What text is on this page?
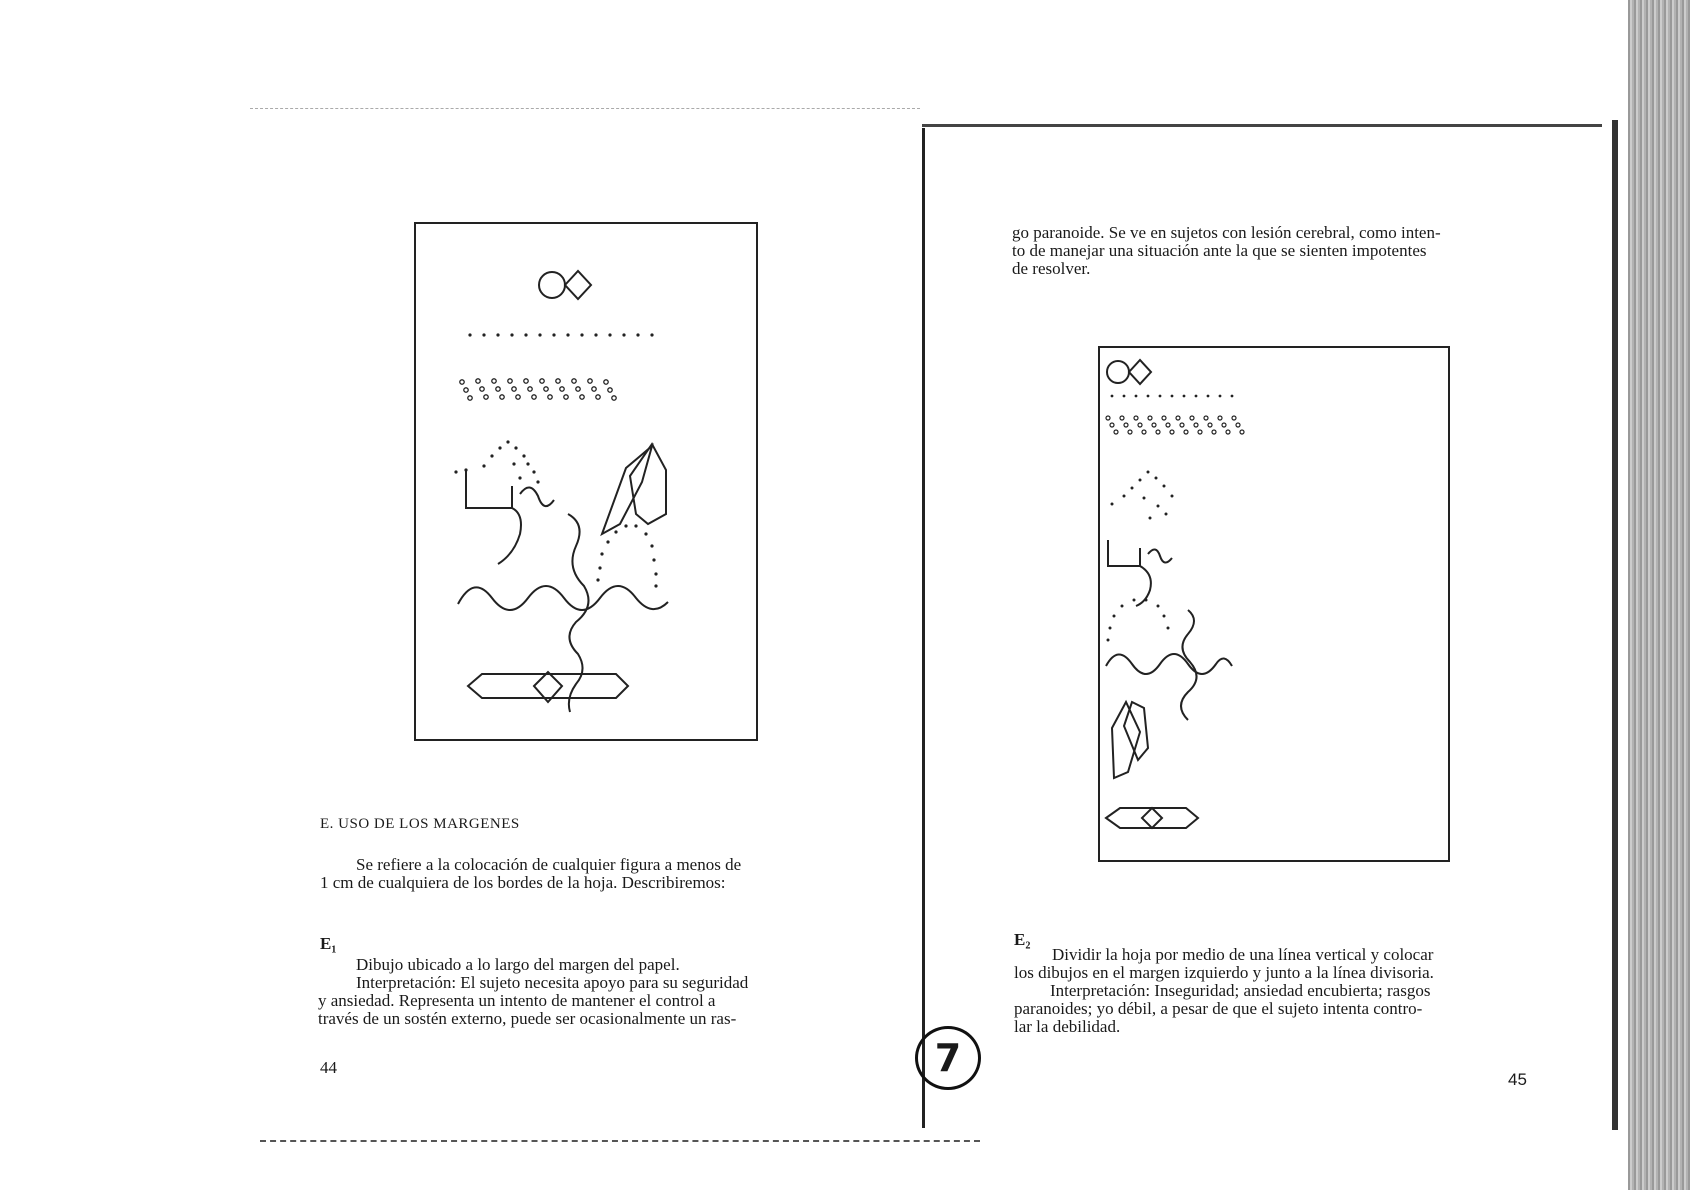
E. USO DE LOS MARGENES
Se refiere a la colocación de cualquier figura a menos de
1 cm de cualquiera de los bordes de la hoja. Describiremos:
E₁
Dibujo ubicado a lo largo del margen del papel.
Interpretación: El sujeto necesita apoyo para su seguridad
y ansiedad. Representa un intento de mantener el control a
través de un sostén externo, puede ser ocasionalmente un ras-
44	7
go paranoide. Se ve en sujetos con lesión cerebral, como inten-
to de manejar una situación ante la que se sienten impotentes
de resolver.
E₂
Dividir la hoja por medio de una línea vertical y colocar
los dibujos en el margen izquierdo y junto a la línea divisoria.
Interpretación: Inseguridad; ansiedad encubierta; rasgos
paranoides; yo débil, a pesar de que el sujeto intenta contro-
lar la debilidad.
45
